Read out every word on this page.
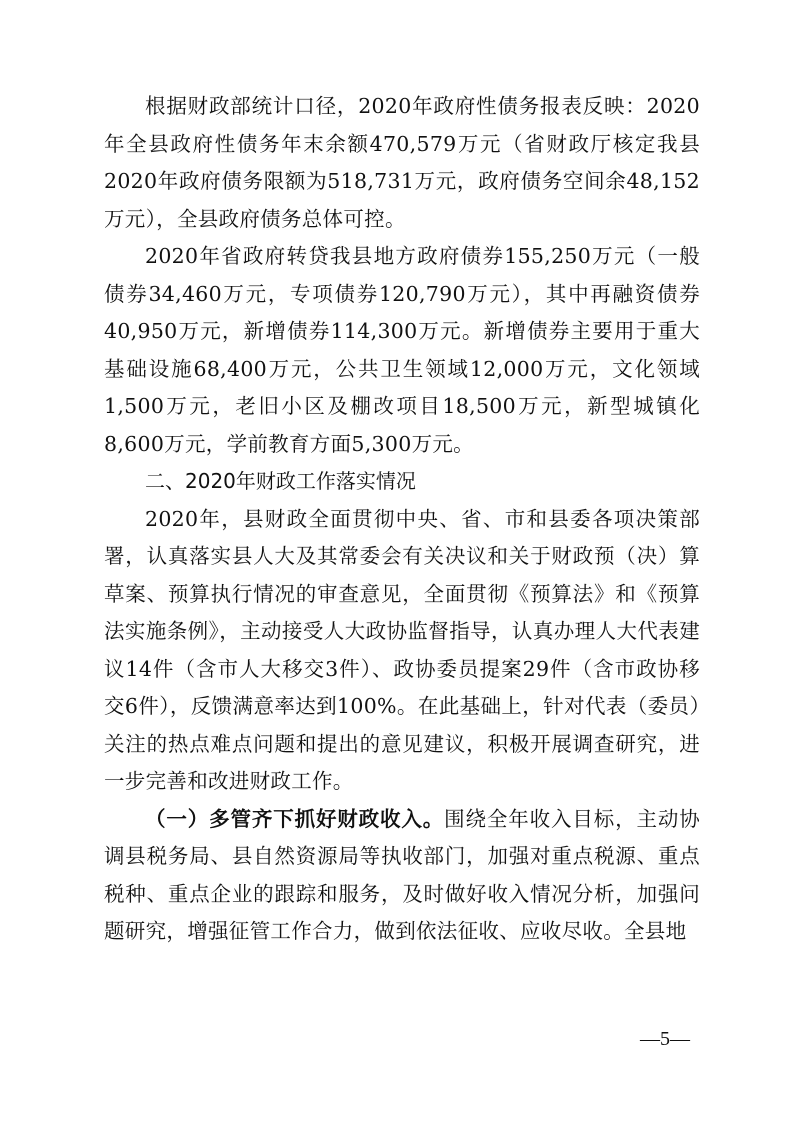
根据财政部统计口径，2020年政府性债务报表反映：2020年全县政府性债务年末余额470,579万元（省财政厅核定我县2020年政府债务限额为518,731万元，政府债务空间余48,152万元），全县政府债务总体可控。

2020年省政府转贷我县地方政府债券155,250万元（一般债券34,460万元，专项债券120,790万元），其中再融资债券40,950万元，新增债券114,300万元。新增债券主要用于重大基础设施68,400万元，公共卫生领域12,000万元，文化领域1,500万元，老旧小区及棚改项目18,500万元，新型城镇化8,600万元，学前教育方面5,300万元。

二、2020年财政工作落实情况

2020年，县财政全面贯彻中央、省、市和县委各项决策部署，认真落实县人大及其常委会有关决议和关于财政预（决）算草案、预算执行情况的审查意见，全面贯彻《预算法》和《预算法实施条例》，主动接受人大政协监督指导，认真办理人大代表建议14件（含市人大移交3件）、政协委员提案29件（含市政协移交6件），反馈满意率达到100%。在此基础上，针对代表（委员）关注的热点难点问题和提出的意见建议，积极开展调查研究，进一步完善和改进财政工作。

（一）多管齐下抓好财政收入。围绕全年收入目标，主动协调县税务局、县自然资源局等执收部门，加强对重点税源、重点税种、重点企业的跟踪和服务，及时做好收入情况分析，加强问题研究，增强征管工作合力，做到依法征收、应收尽收。全县地

—5—
